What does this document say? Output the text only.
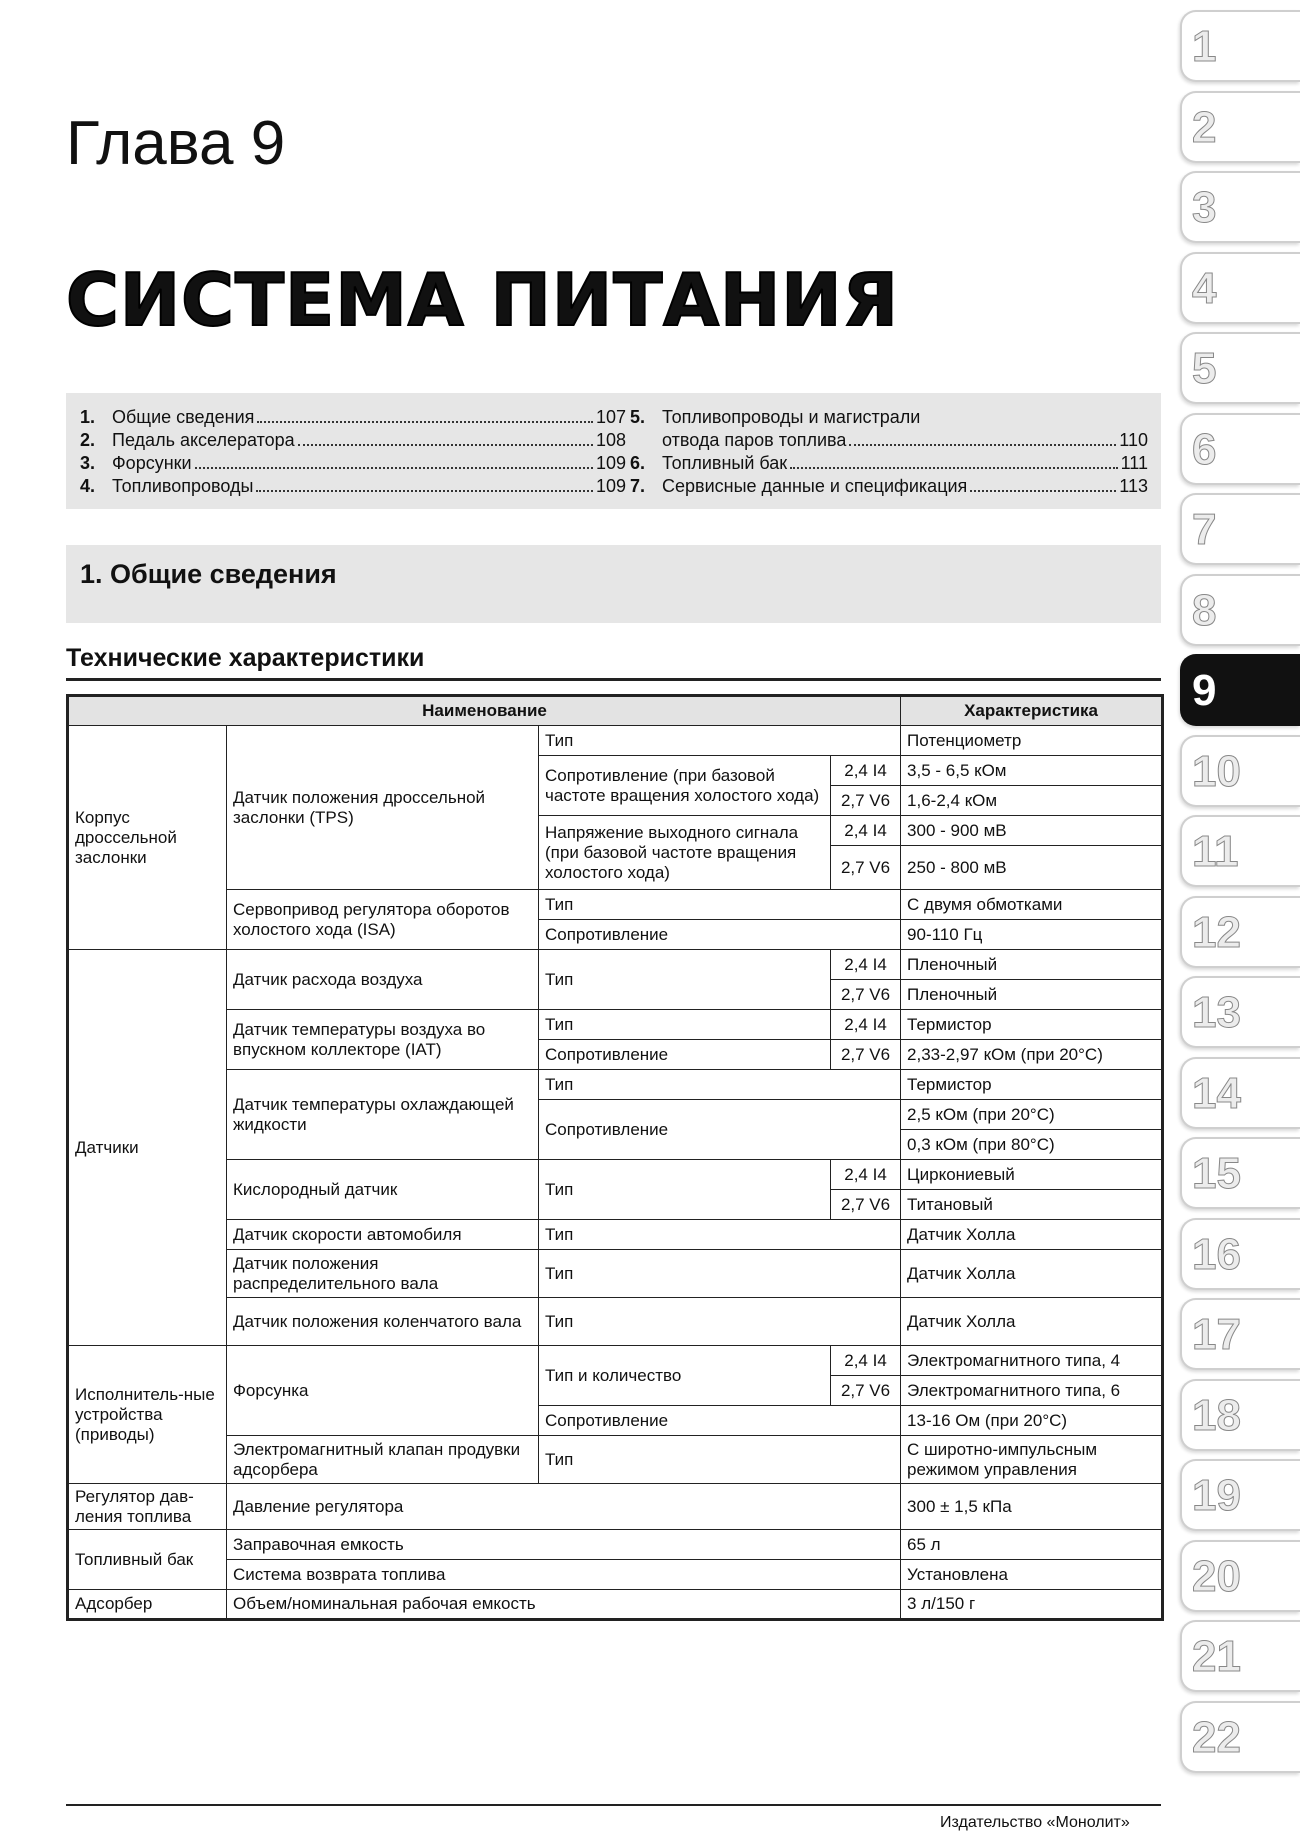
Глава 9
СИСТЕМА ПИТАНИЯ
1. Общие сведения	107
2. Педаль акселератора	108
3. Форсунки	109
4. Топливопроводы	109
5. Топливопроводы и магистрали
отвода паров топлива	110
6. Топливный бак	111
7. Сервисные данные и спецификация	113
1. Общие сведения
Технические характеристики
Наименование				Характеристика
Корпус дроссельной заслонки	Датчик положения дроссельной заслонки (TPS)	Тип		Потенциометр
		Сопротивление (при базовой частоте вращения холостого хода)	2,4 I4	3,5 - 6,5 кОм
			2,7 V6	1,6-2,4 кОм
		Напряжение выходного сигнала (при базовой частоте вращения холостого хода)	2,4 I4	300 - 900 мВ
			2,7 V6	250 - 800 мВ

	Сервопривод регулятора оборотов холостого хода (ISA)	Тип		С двумя обмотками
		Сопротивление		90-110 Гц
Датчики	Датчик расхода воздуха	Тип	2,4 I4	Пленочный
			2,7 V6	Пленочный
	Датчик температуры воздуха во впускном коллекторе (IAT)	Тип	2,4 I4	Термистор
		Сопротивление	2,7 V6	2,33-2,97 кОм (при 20°С)
	Датчик температуры охлаждающей жидкости	Тип		Термистор
		Сопротивление		2,5 кОм (при 20°С)
				0,3 кОм (при 80°С)
	Кислородный датчик	Тип	2,4 I4	Циркониевый
			2,7 V6	Титановый
	Датчик скорости автомобиля	Тип		Датчик Холла
	Датчик положения распределительного вала	Тип		Датчик Холла

	Датчик положения коленчатого вала	Тип		Датчик Холла

Исполнитель-ные устройства (приводы)	Форсунка	Тип и количество	2,4 I4	Электромагнитного типа, 4
			2,7 V6	Электромагнитного типа, 6
		Сопротивление		13-16 Ом (при 20°С)
	Электромагнитный клапан продувки адсорбера	Тип		С широтно-импульсным режимом управления

Регулятор дав-ления топлива	Давление регулятора			300 ± 1,5 кПа
Топливный бак	Заправочная емкость			65 л
	Система возврата топлива			Установлена
Адсорбер	Объем/номинальная рабочая емкость			3 л/150 г
Издательство «Монолит»
1
2
3
4
5
6
7
8
9
10
11
12
13
14
15
16
17
18
19
20
21
22
